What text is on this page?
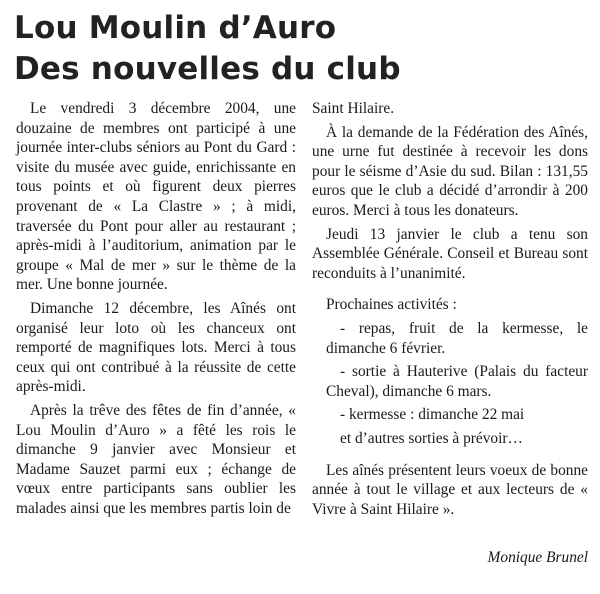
Lou Moulin d’Auro
Des nouvelles du club

Le vendredi 3 décembre 2004, une douzaine de membres ont participé à une journée inter-clubs séniors au Pont du Gard : visite du musée avec guide, enrichissante en tous points et où figurent deux pierres provenant de « La Clastre » ; à midi, traversée du Pont pour aller au restaurant ; après-midi à l’auditorium, animation par le groupe « Mal de mer » sur le thème de la mer. Une bonne journée.

Dimanche 12 décembre, les Aînés ont organisé leur loto où les chanceux ont remporté de magnifiques lots. Merci à tous ceux qui ont contribué à la réussite de cette après-midi.

Après la trêve des fêtes de fin d’année, « Lou Moulin d’Auro » a fêté les rois le dimanche 9 janvier avec Monsieur et Madame Sauzet parmi eux ; échange de vœux entre participants sans oublier les malades ainsi que les membres partis loin de

Saint Hilaire.

À la demande de la Fédération des Aînés, une urne fut destinée à recevoir les dons pour le séisme d’Asie du sud. Bilan : 131,55 euros que le club a décidé d’arrondir à 200 euros. Merci à tous les donateurs.

Jeudi 13 janvier le club a tenu son Assemblée Générale. Conseil et Bureau sont reconduits à l’unanimité.

Prochaines activités :

- repas, fruit de la kermesse, le dimanche 6 février.

- sortie à Hauterive (Palais du facteur Cheval), dimanche 6 mars.

- kermesse : dimanche 22 mai

et d’autres sorties à prévoir…

Les aînés présentent leurs voeux de bonne année à tout le village et aux lecteurs de « Vivre à Saint Hilaire ».

Monique Brunel
